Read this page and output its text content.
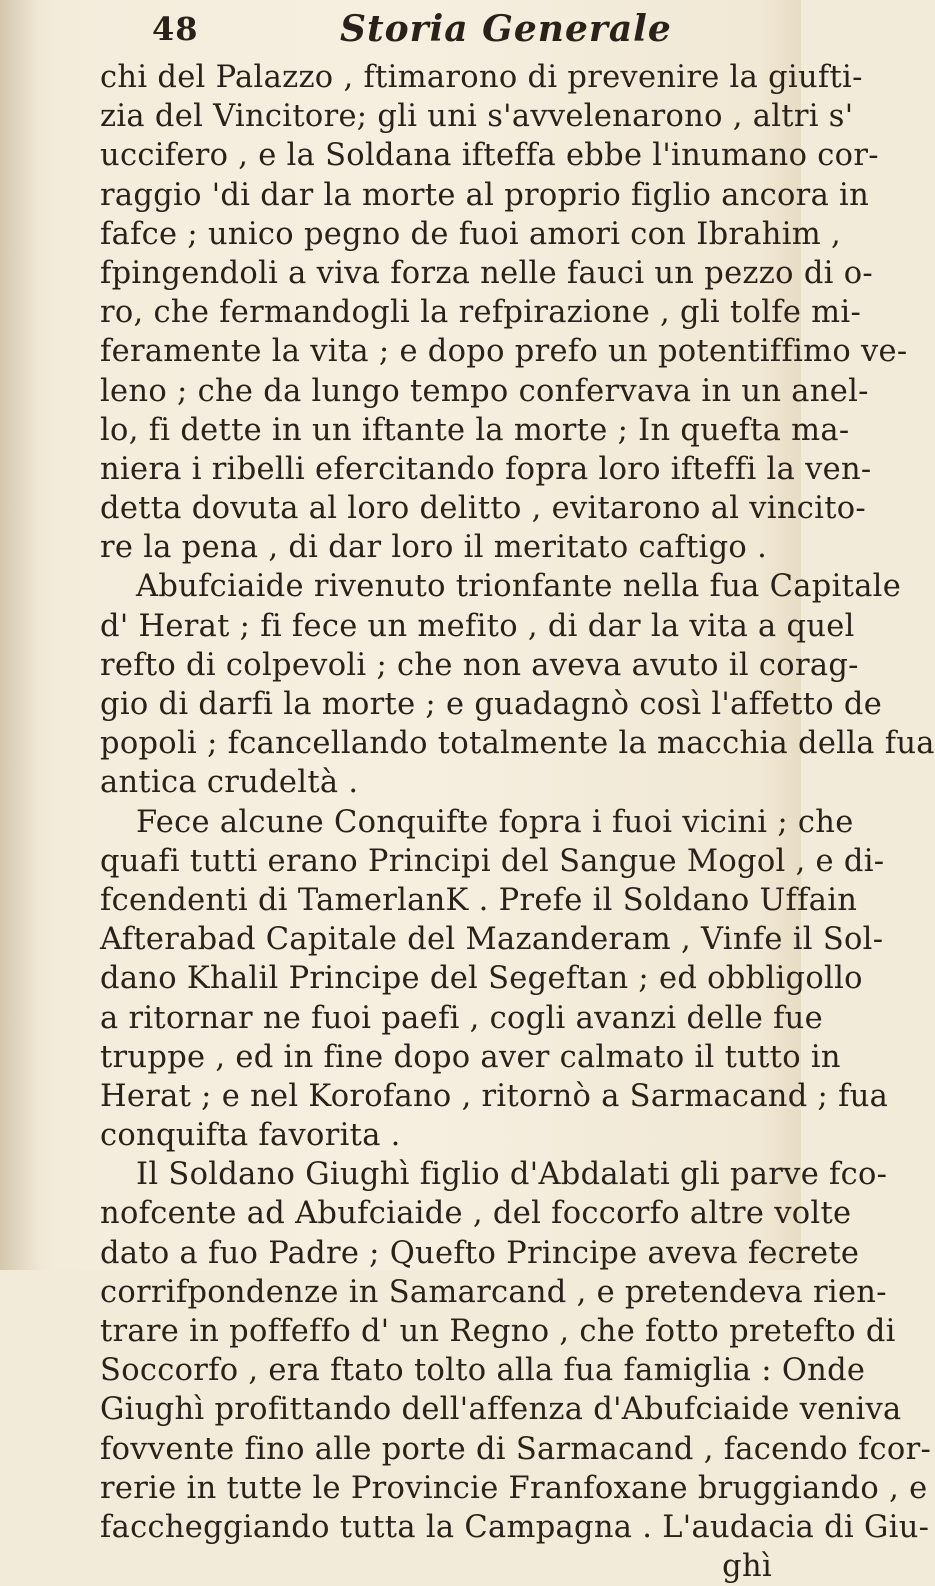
48	Storia Generale
chi del Palazzo , ftimarono di prevenire la giufti-
zia del Vincitore; gli uni s'avvelenarono , altri s'
uccifero , e la Soldana ifteffa ebbe l'inumano cor-
raggio 'di dar la morte al proprio figlio ancora in
fafce ; unico pegno de fuoi amori con Ibrahim ,
fpingendoli a viva forza nelle fauci un pezzo di o-
ro, che fermandogli la refpirazione , gli tolfe mi-
feramente la vita ; e dopo prefo un potentiffimo ve-
leno ; che da lungo tempo confervava in un anel-
lo, fi dette in un iftante la morte ; In quefta ma-
niera i ribelli efercitando fopra loro ifteffi la ven-
detta dovuta al loro delitto , evitarono al vincito-
re la pena , di dar loro il meritato caftigo .
Abufciaide rivenuto trionfante nella fua Capitale
d' Herat ; fi fece un mefito , di dar la vita a quel
refto di colpevoli ; che non aveva avuto il corag-
gio di darfi la morte ; e guadagnò così l'affetto de
popoli ; fcancellando totalmente la macchia della fua
antica crudeltà .
Fece alcune Conquifte fopra i fuoi vicini ; che
quafi tutti erano Principi del Sangue Mogol , e di-
fcendenti di TamerlanK . Prefe il Soldano Uffain
Afterabad Capitale del Mazanderam , Vinfe il Sol-
dano Khalil Principe del Segeftan ; ed obbligollo
a ritornar ne fuoi paefi , cogli avanzi delle fue
truppe , ed in fine dopo aver calmato il tutto in
Herat ; e nel Korofano , ritornò a Sarmacand ; fua
conquifta favorita .
Il Soldano Giughì figlio d'Abdalati gli parve fco-
nofcente ad Abufciaide , del foccorfo altre volte
dato a fuo Padre ; Quefto Principe aveva fecrete
corrifpondenze in Samarcand , e pretendeva rien-
trare in poffeffo d' un Regno , che fotto pretefto di
Soccorfo , era ftato tolto alla fua famiglia : Onde
Giughì profittando dell'affenza d'Abufciaide veniva
fovvente fino alle porte di Sarmacand , facendo fcor-
rerie in tutte le Provincie Franfoxane bruggiando , e
faccheggiando tutta la Campagna . L'audacia di Giu-
ghì
